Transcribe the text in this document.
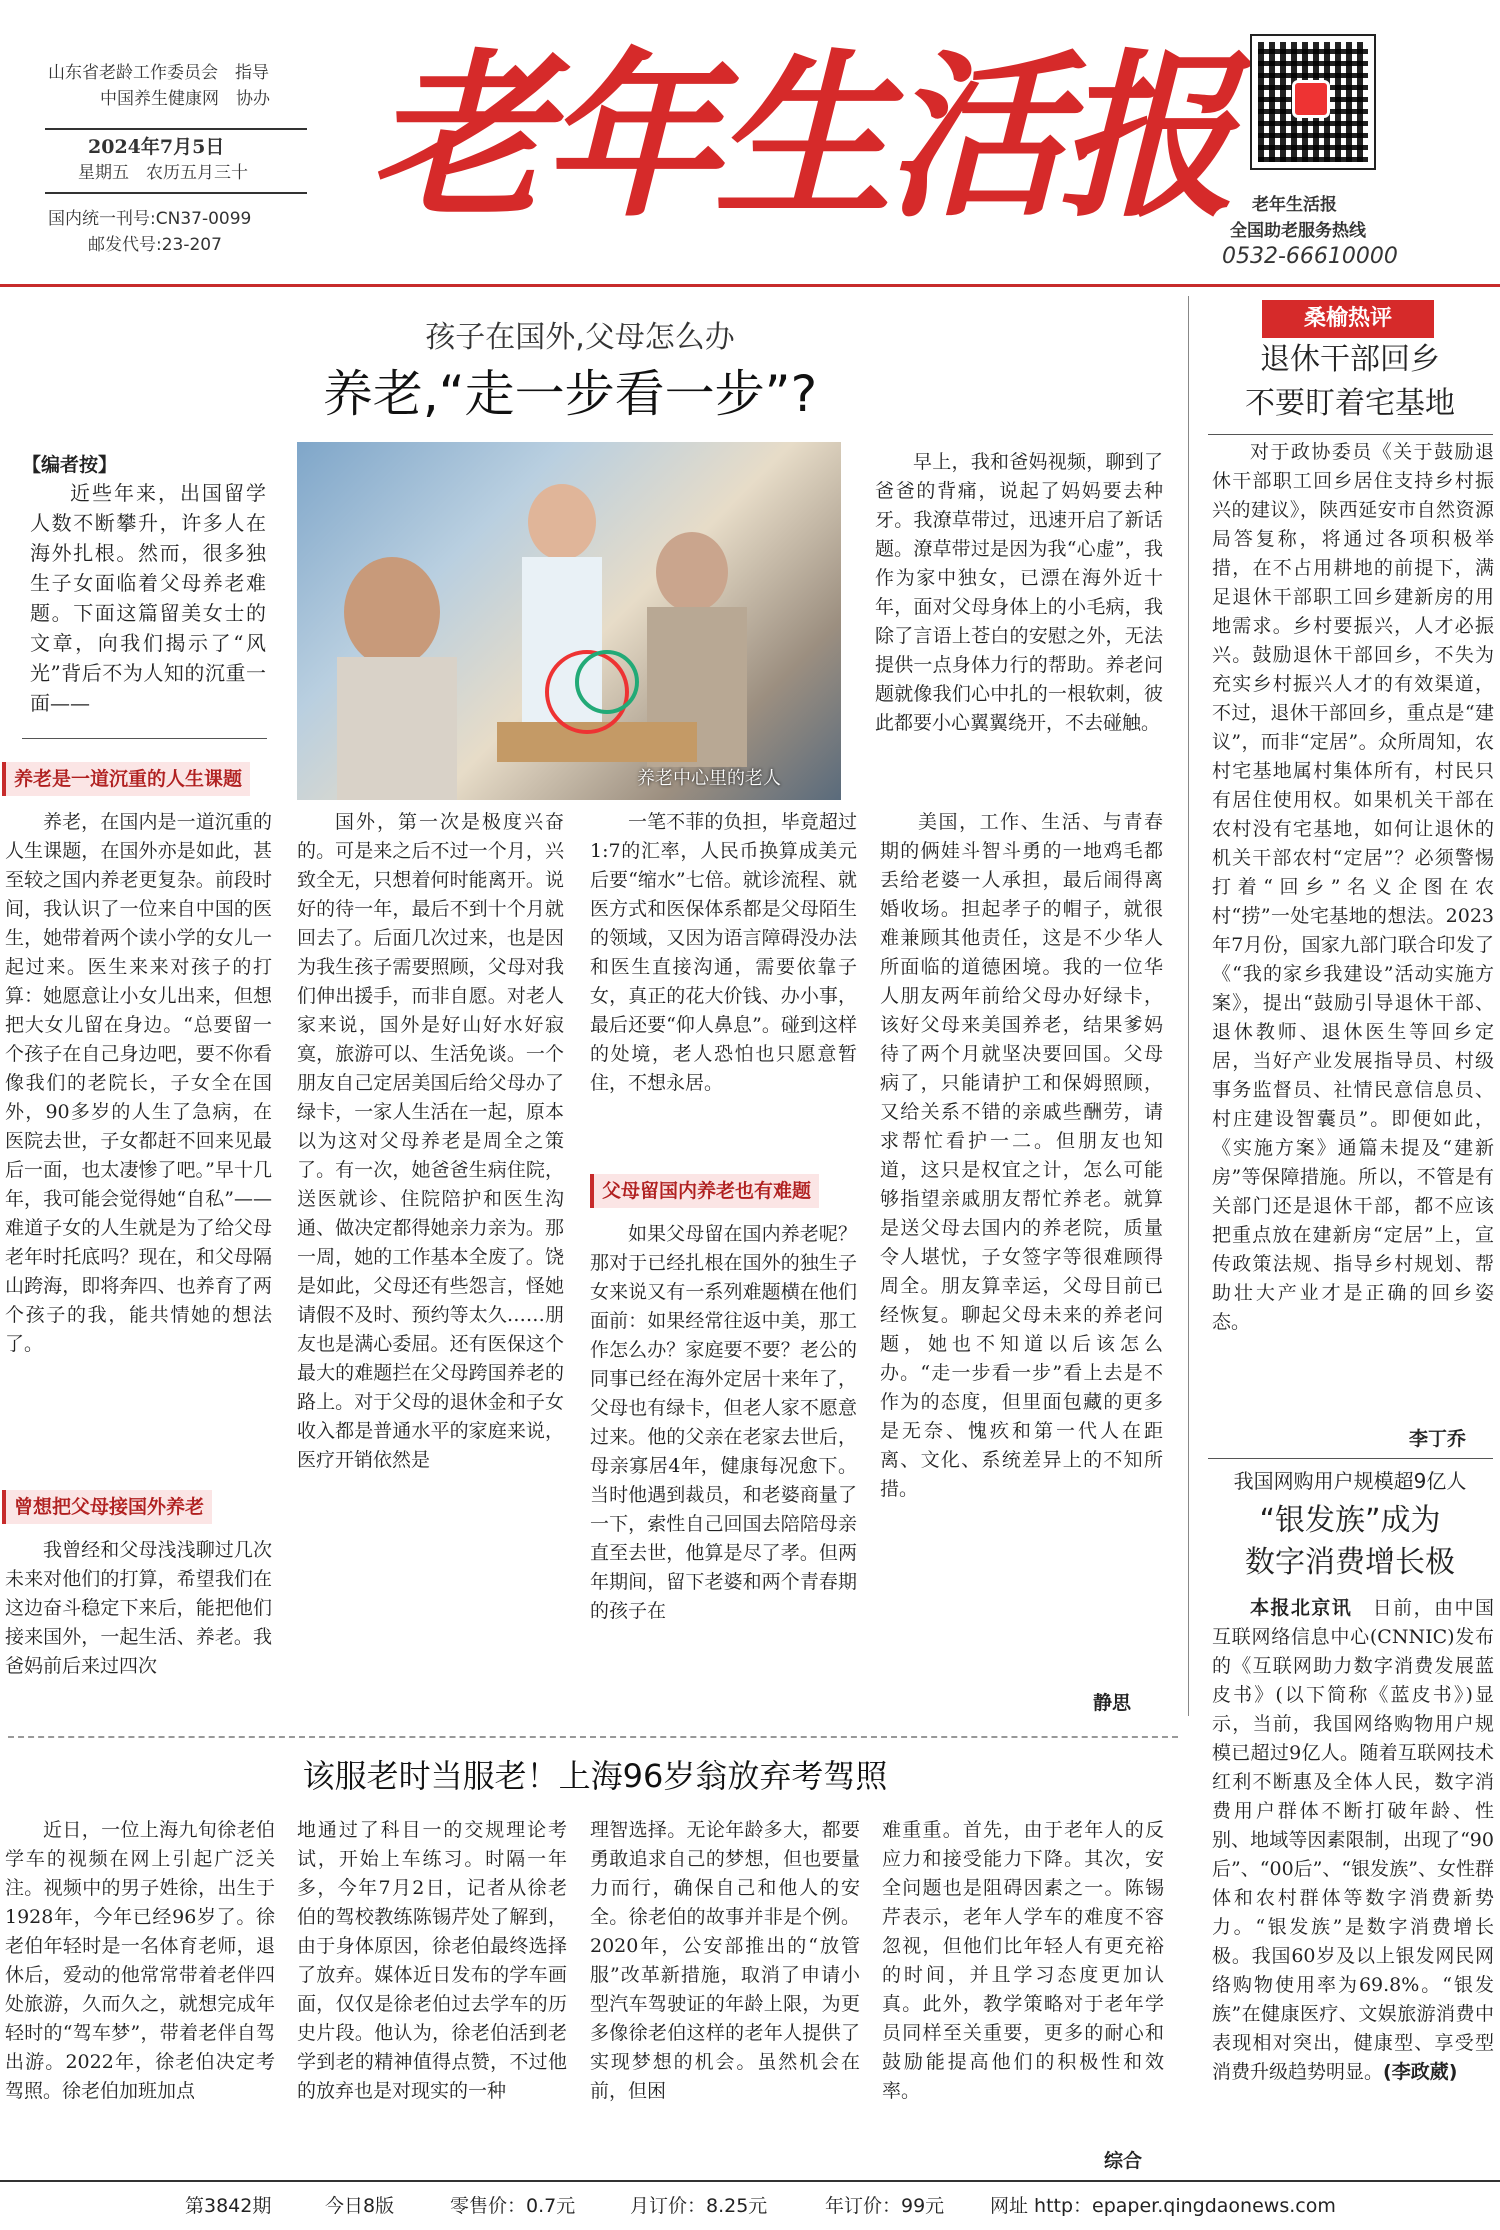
山东省老龄工作委员会　指导
中国养生健康网　协办
2024年7月5日
星期五　农历五月三十
国内统一刊号:CN37-0099
邮发代号:23-207
老年生活报 老年生活报
全国助老服务热线
0532-66610000
孩子在国外,父母怎么办
养老,“走一步看一步”?
【编者按】

近些年来，出国留学人数不断攀升，许多人在海外扎根。然而，很多独生子女面临着父母养老难题。下面这篇留美女士的文章，向我们揭示了“风光”背后不为人知的沉重一面——

养老中心里的老人

早上，我和爸妈视频，聊到了爸爸的背痛，说起了妈妈要去种牙。我潦草带过，迅速开启了新话题。潦草带过是因为我“心虚”，我作为家中独女，已漂在海外近十年，面对父母身体上的小毛病，我除了言语上苍白的安慰之外，无法提供一点身体力行的帮助。养老问题就像我们心中扎的一根软刺，彼此都要小心翼翼绕开，不去碰触。

养老是一道沉重的人生课题

养老，在国内是一道沉重的人生课题，在国外亦是如此，甚至较之国内养老更复杂。前段时间，我认识了一位来自中国的医生，她带着两个读小学的女儿一起过来。医生来来对孩子的打算：她愿意让小女儿出来，但想把大女儿留在身边。“总要留一个孩子在自己身边吧，要不你看像我们的老院长，子女全在国外，90多岁的人生了急病，在医院去世，子女都赶不回来见最后一面，也太凄惨了吧。”早十几年，我可能会觉得她“自私”——难道子女的人生就是为了给父母老年时托底吗？现在，和父母隔山跨海，即将奔四、也养育了两个孩子的我，能共情她的想法了。

曾想把父母接国外养老

我曾经和父母浅浅聊过几次未来对他们的打算，希望我们在这边奋斗稳定下来后，能把他们接来国外，一起生活、养老。我爸妈前后来过四次

国外，第一次是极度兴奋的。可是来之后不过一个月，兴致全无，只想着何时能离开。说好的待一年，最后不到十个月就回去了。后面几次过来，也是因为我生孩子需要照顾，父母对我们伸出援手，而非自愿。对老人家来说，国外是好山好水好寂寞，旅游可以、生活免谈。一个朋友自己定居美国后给父母办了绿卡，一家人生活在一起，原本以为这对父母养老是周全之策了。有一次，她爸爸生病住院，送医就诊、住院陪护和医生沟通、做决定都得她亲力亲为。那一周，她的工作基本全废了。饶是如此，父母还有些怨言，怪她请假不及时、预约等太久……朋友也是满心委屈。还有医保这个最大的难题拦在父母跨国养老的路上。对于父母的退休金和子女收入都是普通水平的家庭来说，医疗开销依然是

一笔不菲的负担，毕竟超过1:7的汇率，人民币换算成美元后要“缩水”七倍。就诊流程、就医方式和医保体系都是父母陌生的领域，又因为语言障碍没办法和医生直接沟通，需要依靠子女，真正的花大价钱、办小事，最后还要“仰人鼻息”。碰到这样的处境，老人恐怕也只愿意暂住，不想永居。

父母留国内养老也有难题

如果父母留在国内养老呢？那对于已经扎根在国外的独生子女来说又有一系列难题横在他们面前：如果经常往返中美，那工作怎么办？家庭要不要？老公的同事已经在海外定居十来年了，父母也有绿卡，但老人家不愿意过来。他的父亲在老家去世后，母亲寡居4年，健康每况愈下。当时他遇到裁员，和老婆商量了一下，索性自己回国去陪陪母亲直至去世，他算是尽了孝。但两年期间，留下老婆和两个青春期的孩子在

美国，工作、生活、与青春期的俩娃斗智斗勇的一地鸡毛都丢给老婆一人承担，最后闹得离婚收场。担起孝子的帽子，就很难兼顾其他责任，这是不少华人所面临的道德困境。我的一位华人朋友两年前给父母办好绿卡，该好父母来美国养老，结果爹妈待了两个月就坚决要回国。父母病了，只能请护工和保姆照顾，又给关系不错的亲戚些酬劳，请求帮忙看护一二。但朋友也知道，这只是权宜之计，怎么可能够指望亲戚朋友帮忙养老。就算是送父母去国内的养老院，质量令人堪忧，子女签字等很难顾得周全。朋友算幸运，父母目前已经恢复。聊起父母未来的养老问题，她也不知道以后该怎么办。“走一步看一步”看上去是不作为的态度，但里面包藏的更多是无奈、愧疚和第一代人在距离、文化、系统差异上的不知所措。

静思
桑榆热评
退休干部回乡
不要盯着宅基地

对于政协委员《关于鼓励退休干部职工回乡居住支持乡村振兴的建议》，陕西延安市自然资源局答复称，将通过各项积极举措，在不占用耕地的前提下，满足退休干部职工回乡建新房的用地需求。乡村要振兴，人才必振兴。鼓励退休干部回乡，不失为充实乡村振兴人才的有效渠道，不过，退休干部回乡，重点是“建议”，而非“定居”。众所周知，农村宅基地属村集体所有，村民只有居住使用权。如果机关干部在农村没有宅基地，如何让退休的机关干部农村“定居”？必须警惕打着“回乡”名义企图在农村“捞”一处宅基地的想法。2023年7月份，国家九部门联合印发了《“我的家乡我建设”活动实施方案》，提出“鼓励引导退休干部、退休教师、退休医生等回乡定居，当好产业发展指导员、村级事务监督员、社情民意信息员、村庄建设智囊员”。即便如此，《实施方案》通篇未提及“建新房”等保障措施。所以，不管是有关部门还是退休干部，都不应该把重点放在建新房“定居”上，宣传政策法规、指导乡村规划、帮助壮大产业才是正确的回乡姿态。

李丁乔
我国网购用户规模超9亿人
“银发族”成为
数字消费增长极

本报北京讯　 日前，由中国互联网络信息中心(CNNIC)发布的《互联网助力数字消费发展蓝皮书》(以下简称《蓝皮书》)显示，当前，我国网络购物用户规模已超过9亿人。随着互联网技术红利不断惠及全体人民，数字消费用户群体不断打破年龄、性别、地域等因素限制，出现了“90后”、“00后”、“银发族”、女性群体和农村群体等数字消费新势力。“银发族”是数字消费增长极。我国60岁及以上银发网民网络购物使用率为69.8%。“银发族”在健康医疗、文娱旅游消费中表现相对突出，健康型、享受型消费升级趋势明显。(李政葳)

该服老时当服老！上海96岁翁放弃考驾照

近日，一位上海九旬徐老伯学车的视频在网上引起广泛关注。视频中的男子姓徐，出生于1928年，今年已经96岁了。徐老伯年轻时是一名体育老师，退休后，爱动的他常常带着老伴四处旅游，久而久之，就想完成年轻时的“驾车梦”，带着老伴自驾出游。2022年，徐老伯决定考驾照。徐老伯加班加点

地通过了科目一的交规理论考试，开始上车练习。时隔一年多，今年7月2日，记者从徐老伯的驾校教练陈锡芹处了解到，由于身体原因，徐老伯最终选择了放弃。媒体近日发布的学车画面，仅仅是徐老伯过去学车的历史片段。他认为，徐老伯活到老学到老的精神值得点赞，不过他的放弃也是对现实的一种

理智选择。无论年龄多大，都要勇敢追求自己的梦想，但也要量力而行，确保自己和他人的安全。徐老伯的故事并非是个例。2020年，公安部推出的“放管服”改革新措施，取消了申请小型汽车驾驶证的年龄上限，为更多像徐老伯这样的老年人提供了实现梦想的机会。虽然机会在前，但困

难重重。首先，由于老年人的反应力和接受能力下降。其次，安全问题也是阻碍因素之一。陈锡芹表示，老年人学车的难度不容忽视，但他们比年轻人有更充裕的时间，并且学习态度更加认真。此外，教学策略对于老年学员同样至关重要，更多的耐心和鼓励能提高他们的积极性和效率。

综合
第3842期	今日8版	零售价：0.7元	月订价：8.25元	年订价：99元 网址 http：epaper.qingdaonews.com
